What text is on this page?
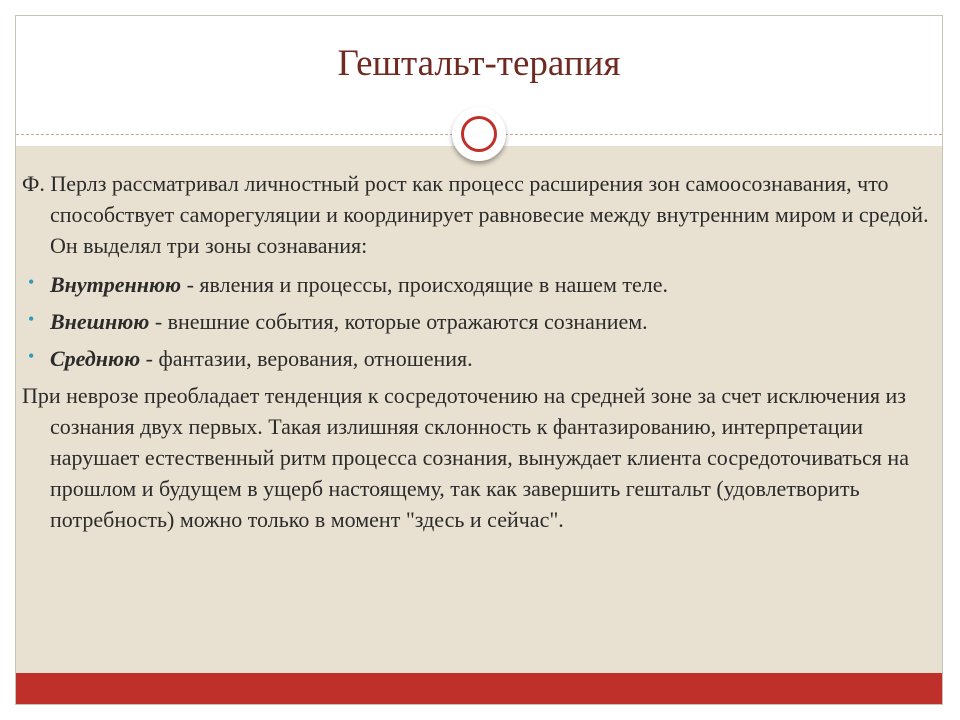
Гештальт-терапия

Ф. Перлз рассматривал личностный рост как процесс расширения зон самоосознавания, что способствует саморегуляции и координирует равновесие между внутренним миром и средой. Он выделял три зоны сознавания:

• Внутреннюю - явления и процессы, происходящие в нашем теле.
• Внешнюю - внешние события, которые отражаются сознанием.
• Среднюю - фантазии, верования, отношения.

При неврозе преобладает тенденция к сосредоточению на средней зоне за счет исключения из сознания двух первых. Такая излишняя склонность к фантазированию, интерпретации нарушает естественный ритм процесса сознания, вынуждает клиента сосредоточиваться на прошлом и будущем в ущерб настоящему, так как завершить гештальт (удовлетворить потребность) можно только в момент "здесь и сейчас".
